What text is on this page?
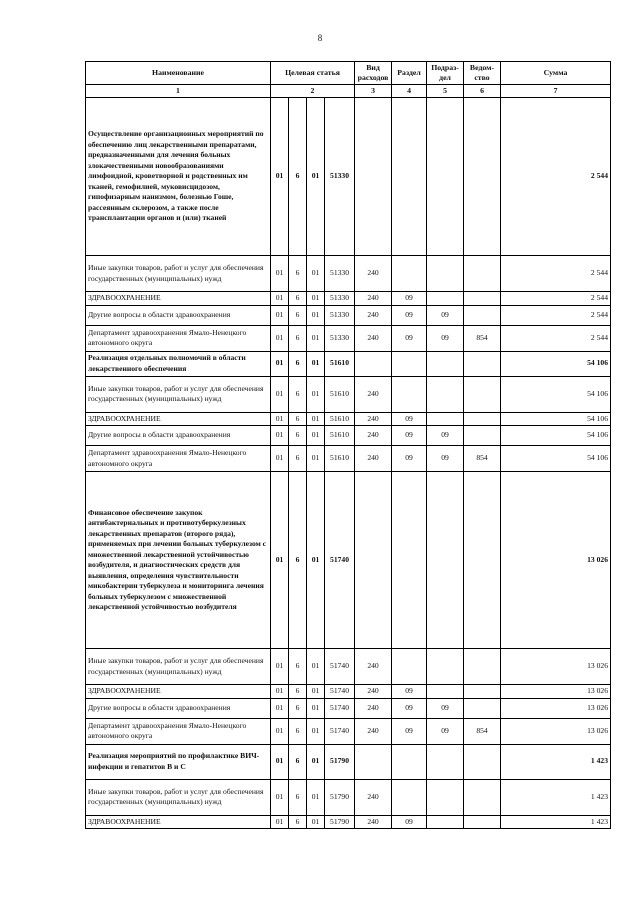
8
Наименование	Целевая статья				Вид расходов	Раздел	Подраз-дел	Ведом-ство	Сумма
1	2				3	4	5	6	7
Осуществление организационных мероприятий по обеспечению лиц лекарственными препаратами, предназначенными для лечения больных злокачественными новообразованиями лимфоидной, кроветворной и родственных им тканей, гемофилией, муковисцидозом, гипофизарным нанизмом, болезнью Гоше, рассеянным склерозом, а также после трансплантации органов и (или) тканей	01	6	01	51330					2 544
Иные закупки товаров, работ и услуг для обеспечения государственных (муниципальных) нужд	01	6	01	51330	240				2 544
ЗДРАВООХРАНЕНИЕ	01	6	01	51330	240	09			2 544
Другие вопросы в области здравоохранения	01	6	01	51330	240	09	09		2 544
Департамент здравоохранения Ямало-Ненецкого автономного округа	01	6	01	51330	240	09	09	854	2 544
Реализация отдельных полномочий в области лекарственного обеспечения	01	6	01	51610					54 106
Иные закупки товаров, работ и услуг для обеспечения государственных (муниципальных) нужд	01	6	01	51610	240				54 106
ЗДРАВООХРАНЕНИЕ	01	6	01	51610	240	09			54 106
Другие вопросы в области здравоохранения	01	6	01	51610	240	09	09		54 106
Департамент здравоохранения Ямало-Ненецкого автономного округа	01	6	01	51610	240	09	09	854	54 106
Финансовое обеспечение закупок антибактериальных и противотуберкулезных лекарственных препаратов (второго ряда), применяемых при лечении больных туберкулезом с множественной лекарственной устойчивостью возбудителя, и диагностических средств для выявления, определения чувствительности микобактерии туберкулеза и мониторинга лечения больных туберкулезом с множественной лекарственной устойчивостью возбудителя	01	6	01	51740					13 026
Иные закупки товаров, работ и услуг для обеспечения государственных (муниципальных) нужд	01	6	01	51740	240				13 026
ЗДРАВООХРАНЕНИЕ	01	6	01	51740	240	09			13 026
Другие вопросы в области здравоохранения	01	6	01	51740	240	09	09		13 026
Департамент здравоохранения Ямало-Ненецкого автономного округа	01	6	01	51740	240	09	09	854	13 026
Реализация мероприятий по профилактике ВИЧ-инфекции и гепатитов В и С	01	6	01	51790					1 423
Иные закупки товаров, работ и услуг для обеспечения государственных (муниципальных) нужд	01	6	01	51790	240				1 423
ЗДРАВООХРАНЕНИЕ	01	6	01	51790	240	09			1 423
